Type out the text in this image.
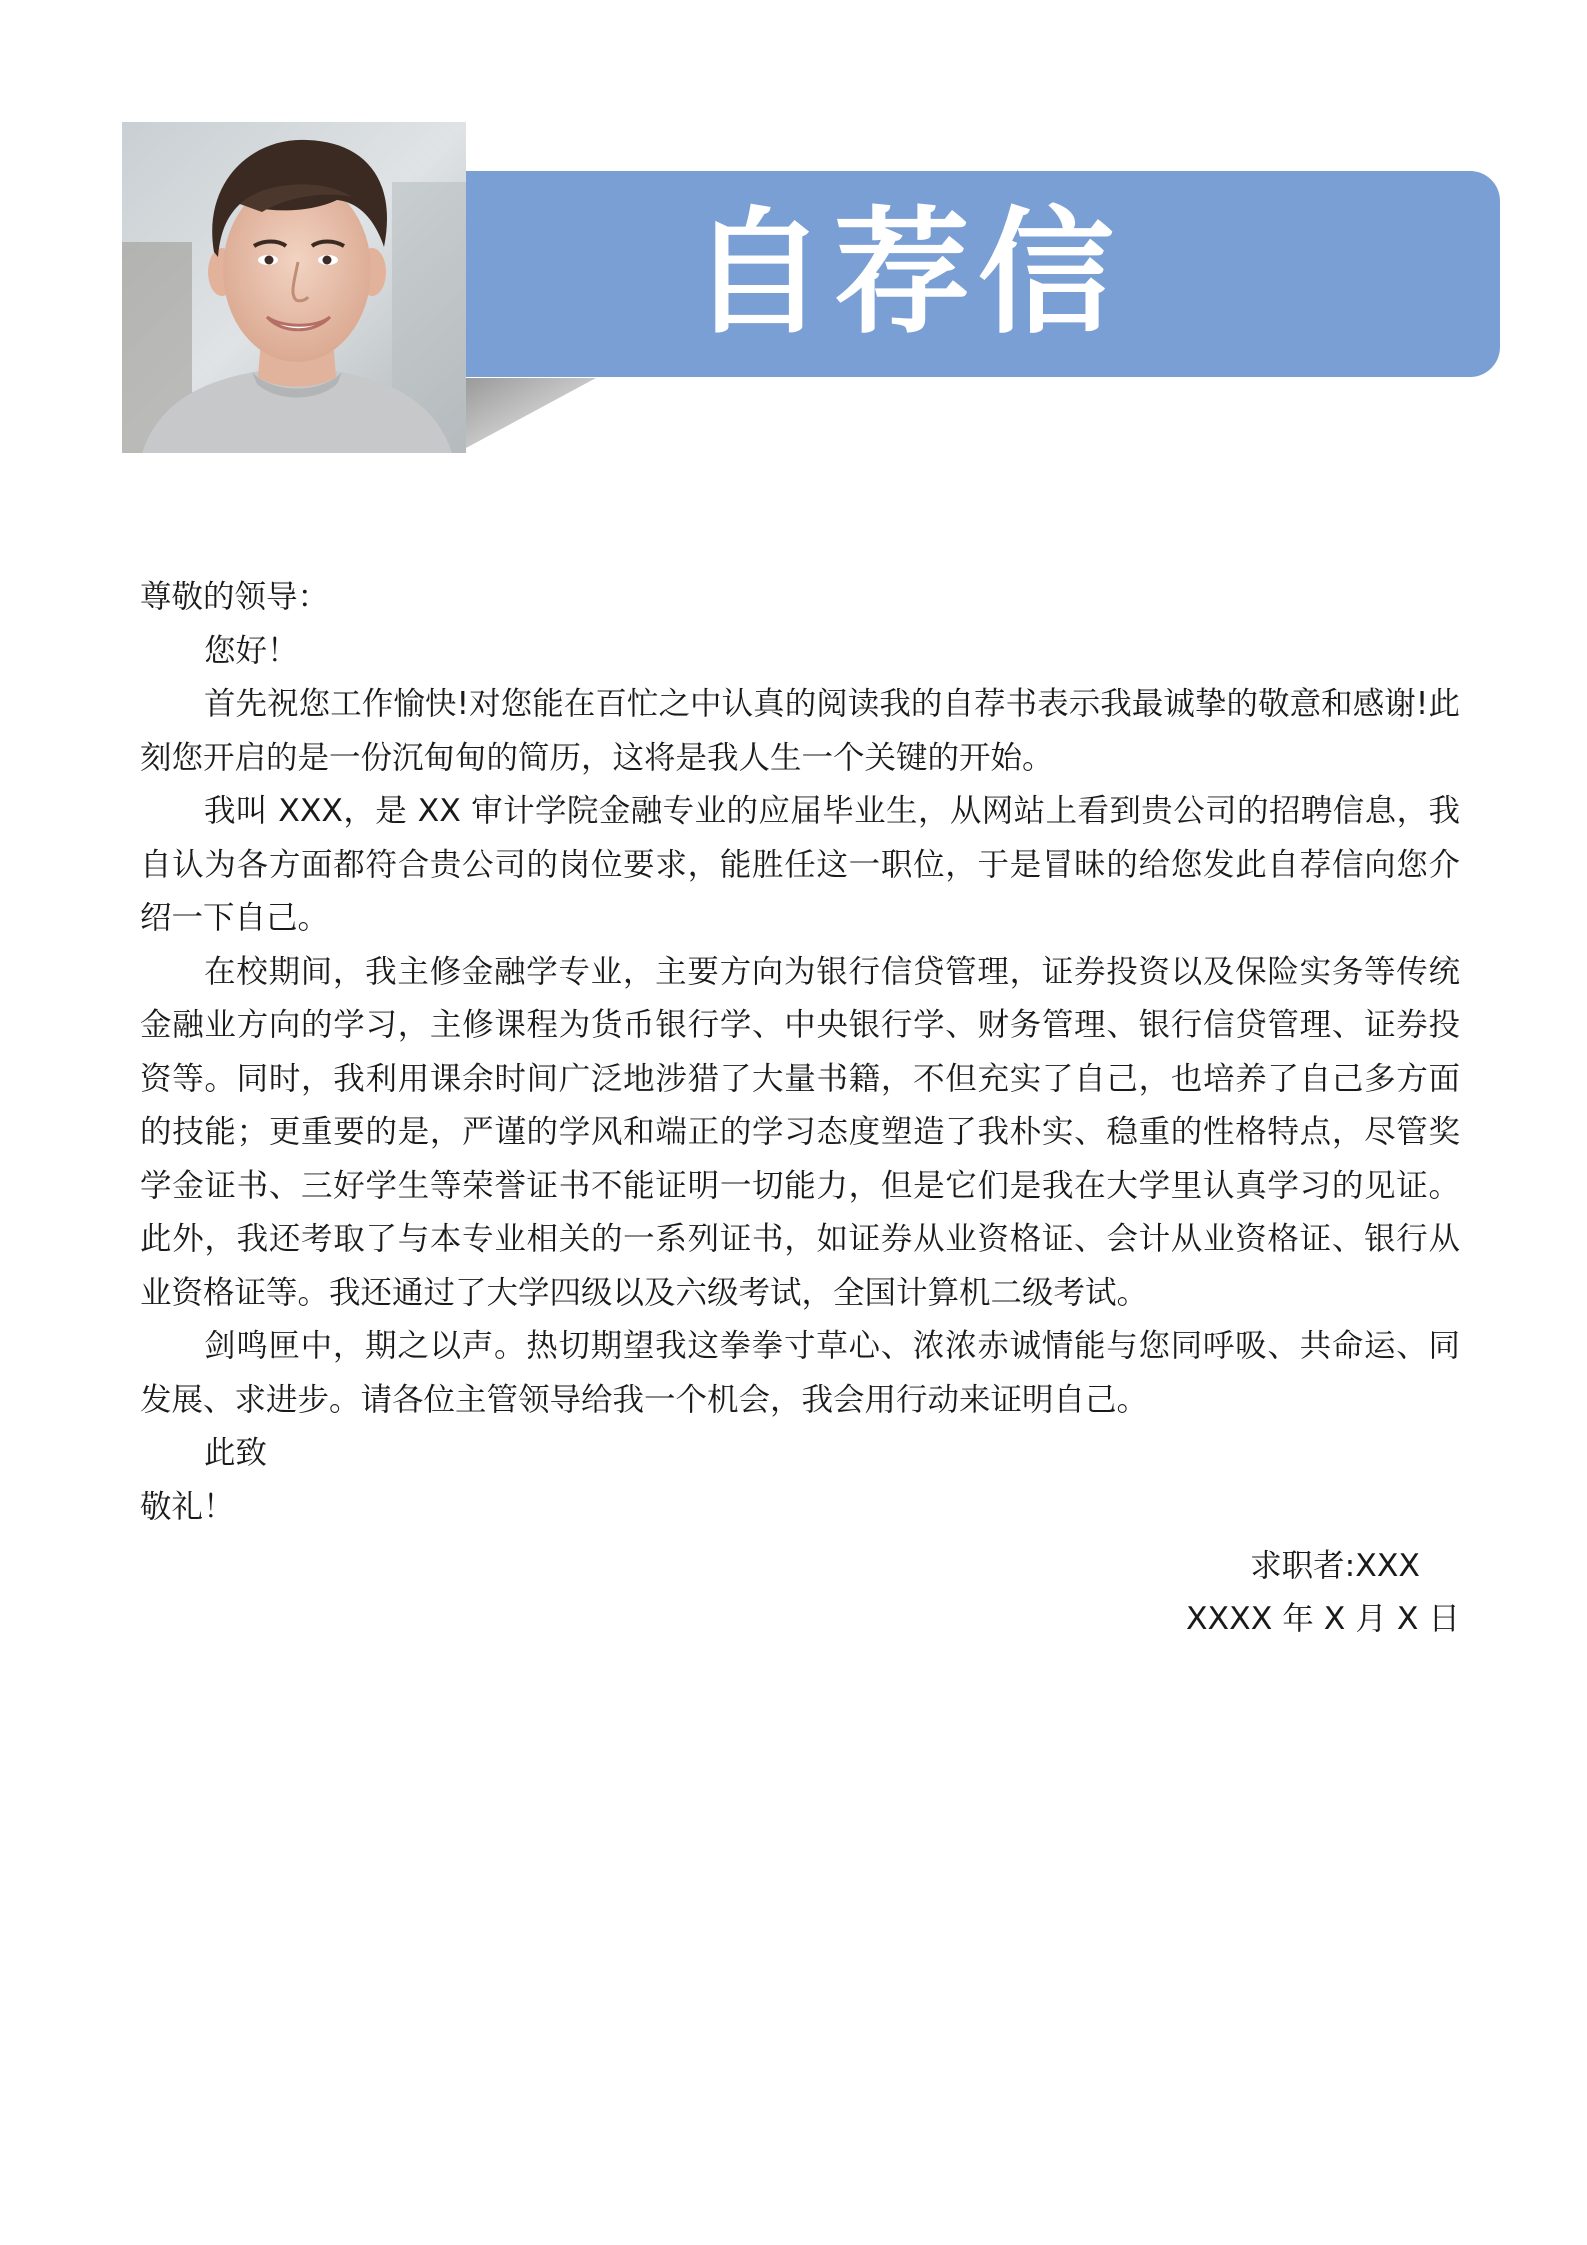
自荐信

尊敬的领导：

您好！

首先祝您工作愉快!对您能在百忙之中认真的阅读我的自荐书表示我最诚挚的敬意和感谢!此刻您开启的是一份沉甸甸的简历，这将是我人生一个关键的开始。

我叫 XXX，是 XX 审计学院金融专业的应届毕业生，从网站上看到贵公司的招聘信息，我自认为各方面都符合贵公司的岗位要求，能胜任这一职位，于是冒昧的给您发此自荐信向您介绍一下自己。

在校期间，我主修金融学专业，主要方向为银行信贷管理，证券投资以及保险实务等传统金融业方向的学习，主修课程为货币银行学、中央银行学、财务管理、银行信贷管理、证券投资等。同时，我利用课余时间广泛地涉猎了大量书籍，不但充实了自己，也培养了自己多方面的技能；更重要的是，严谨的学风和端正的学习态度塑造了我朴实、稳重的性格特点，尽管奖学金证书、三好学生等荣誉证书不能证明一切能力，但是它们是我在大学里认真学习的见证。此外，我还考取了与本专业相关的一系列证书，如证券从业资格证、会计从业资格证、银行从业资格证等。我还通过了大学四级以及六级考试，全国计算机二级考试。

剑鸣匣中，期之以声。热切期望我这拳拳寸草心、浓浓赤诚情能与您同呼吸、共命运、同发展、求进步。请各位主管领导给我一个机会，我会用行动来证明自己。

此致

敬礼！

求职者:XXX
XXXX 年 X 月 X 日
